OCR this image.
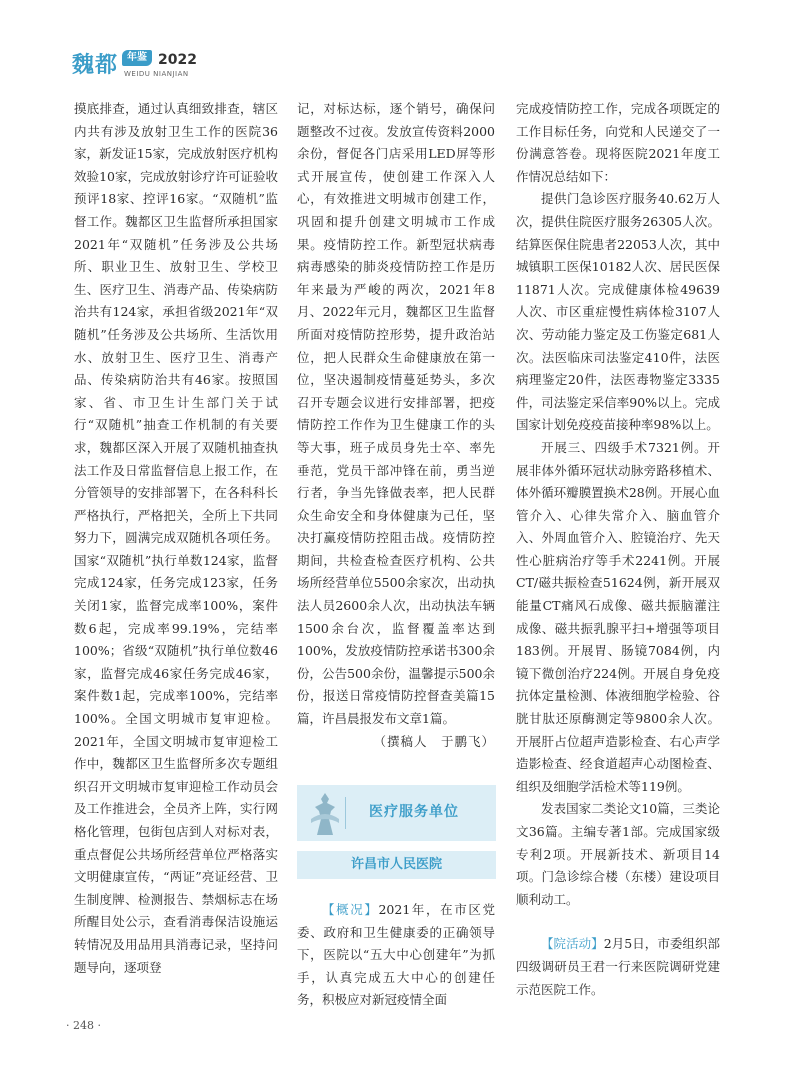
魏都 年鉴 2022
WEIDU NIANJIAN

摸底排查，通过认真细致排查，辖区内共有涉及放射卫生工作的医院36家，新发证15家，完成放射医疗机构效验10家，完成放射诊疗许可证验收预评18家、控评16家。“双随机”监督工作。魏都区卫生监督所承担国家2021年“双随机”任务涉及公共场所、职业卫生、放射卫生、学校卫生、医疗卫生、消毒产品、传染病防治共有124家，承担省级2021年“双随机”任务涉及公共场所、生活饮用水、放射卫生、医疗卫生、消毒产品、传染病防治共有46家。按照国家、省、市卫生计生部门关于试行“双随机”抽查工作机制的有关要求，魏都区深入开展了双随机抽查执法工作及日常监督信息上报工作，在分管领导的安排部署下，在各科科长严格执行，严格把关，全所上下共同努力下，圆满完成双随机各项任务。国家“双随机”执行单数124家，监督完成124家，任务完成123家，任务关闭1家，监督完成率100%，案件数6起，完成率99.19%，完结率100%；省级“双随机”执行单位数46家，监督完成46家任务完成46家，案件数1起，完成率100%，完结率100%。全国文明城市复审迎检。2021年，全国文明城市复审迎检工作中，魏都区卫生监督所多次专题组织召开文明城市复审迎检工作动员会及工作推进会，全员齐上阵，实行网格化管理，包街包店到人对标对表，重点督促公共场所经营单位严格落实文明健康宣传，“两证”亮证经营、卫生制度牌、检测报告、禁烟标志在场所醒目处公示，查看消毒保洁设施运转情况及用品用具消毒记录，坚持问题导向，逐项登

记，对标达标，逐个销号，确保问题整改不过夜。发放宣传资料2000余份，督促各门店采用LED屏等形式开展宣传，使创建工作深入人心，有效推进文明城市创建工作，巩固和提升创建文明城市工作成果。疫情防控工作。新型冠状病毒病毒感染的肺炎疫情防控工作是历年来最为严峻的两次，2021年8月、2022年元月，魏都区卫生监督所面对疫情防控形势，提升政治站位，把人民群众生命健康放在第一位，坚决遏制疫情蔓延势头，多次召开专题会议进行安排部署，把疫情防控工作作为卫生健康工作的头等大事，班子成员身先士卒、率先垂范，党员干部冲锋在前，勇当逆行者，争当先锋做表率，把人民群众生命安全和身体健康为己任，坚决打赢疫情防控阻击战。疫情防控期间，共检查检查医疗机构、公共场所经营单位5500余家次，出动执法人员2600余人次，出动执法车辆1500余台次，监督覆盖率达到100%，发放疫情防控承诺书300余份，公告500余份，温馨提示500余份，报送日常疫情防控督查美篇15篇，许昌晨报发布文章1篇。

（撰稿人　于鹏飞）

医疗服务单位
许昌市人民医院

【概况】2021年，在市区党委、政府和卫生健康委的正确领导下，医院以“五大中心创建年”为抓手，认真完成五大中心的创建任务，积极应对新冠疫情全面

完成疫情防控工作，完成各项既定的工作目标任务，向党和人民递交了一份满意答卷。现将医院2021年度工作情况总结如下：

提供门急诊医疗服务40.62万人次，提供住院医疗服务26305人次。结算医保住院患者22053人次，其中城镇职工医保10182人次、居民医保11871人次。完成健康体检49639人次、市区重症慢性病体检3107人次、劳动能力鉴定及工伤鉴定681人次。法医临床司法鉴定410件，法医病理鉴定20件，法医毒物鉴定3335件，司法鉴定采信率90%以上。完成国家计划免疫疫苗接种率98%以上。

开展三、四级手术7321例。开展非体外循环冠状动脉旁路移植术、体外循环瓣膜置换术28例。开展心血管介入、心律失常介入、脑血管介入、外周血管介入、腔镜治疗、先天性心脏病治疗等手术2241例。开展CT/磁共振检查51624例，新开展双能量CT痛风石成像、磁共振脑灌注成像、磁共振乳腺平扫+增强等项目183例。开展胃、肠镜7084例，内镜下微创治疗224例。开展自身免疫抗体定量检测、体液细胞学检验、谷胱甘肽还原酶测定等9800余人次。开展肝占位超声造影检查、右心声学造影检查、经食道超声心动图检查、组织及细胞学活检术等119例。

发表国家二类论文10篇，三类论文36篇。主编专著1部。完成国家级专利2项。开展新技术、新项目14项。门急诊综合楼（东楼）建设项目顺利动工。

【院活动】2月5日，市委组织部四级调研员王君一行来医院调研党建示范医院工作。

· 248 ·
